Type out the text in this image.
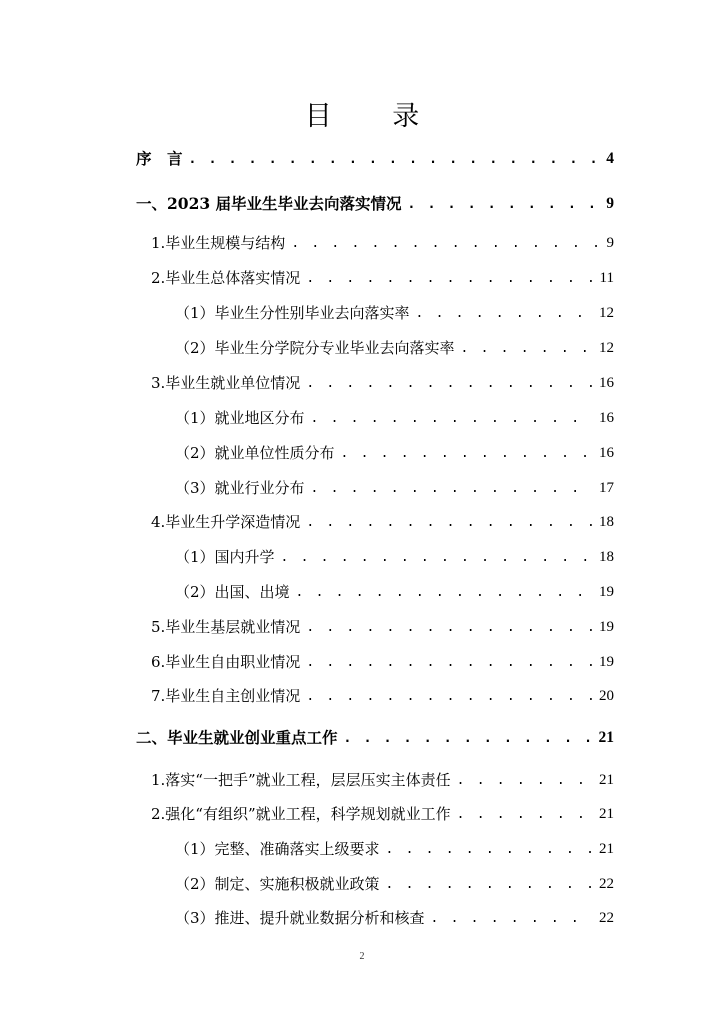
目 录
序　言 . . .	4
一、2023 届毕业生毕业去向落实情况 . . .	9
1.毕业生规模与结构 . . .	9
2.毕业生总体落实情况 . . .	11
（1）毕业生分性别毕业去向落实率 . . .	12
（2）毕业生分学院分专业毕业去向落实率 . . .	12
3.毕业生就业单位情况 . . .	16
（1）就业地区分布 . . .	16
（2）就业单位性质分布 . . .	16
（3）就业行业分布 . . .	17
4.毕业生升学深造情况 . . .	18
（1）国内升学 . . .	18
（2）出国、出境 . . .	19
5.毕业生基层就业情况 . . .	19
6.毕业生自由职业情况 . . .	19
7.毕业生自主创业情况 . . .	20
二、毕业生就业创业重点工作 . . .	21
1.落实“一把手”就业工程，层层压实主体责任 . . .	21
2.强化“有组织”就业工程，科学规划就业工作 . . .	21
（1）完整、准确落实上级要求 . . .	21
（2）制定、实施积极就业政策 . . .	22
（3）推进、提升就业数据分析和核查 . . .	22
2
